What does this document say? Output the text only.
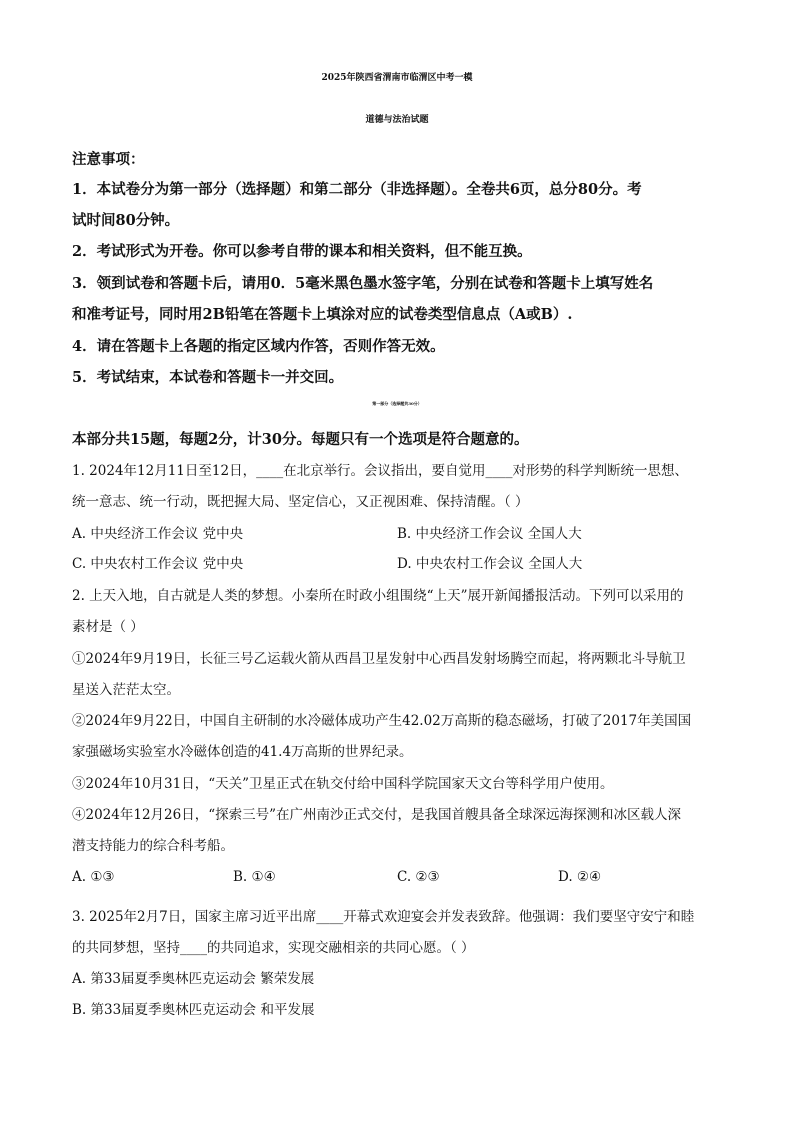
2025年陕西省渭南市临渭区中考一模
道德与法治试题
注意事项：
1．本试卷分为第一部分（选择题）和第二部分（非选择题）。全卷共6页，总分80分。考
试时间80分钟。
2．考试形式为开卷。你可以参考自带的课本和相关资料，但不能互换。
3．领到试卷和答题卡后，请用0．5毫米黑色墨水签字笔，分别在试卷和答题卡上填写姓名
和准考证号，同时用2B铅笔在答题卡上填涂对应的试卷类型信息点（A或B）.
4．请在答题卡上各题的指定区域内作答，否则作答无效。
5．考试结束，本试卷和答题卡一并交回。
第一部分（选择题共30分）
本部分共15题，每题2分，计30分。每题只有一个选项是符合题意的。
1. 2024年12月11日至12日，____在北京举行。会议指出，要自觉用____对形势的科学判断统一思想、
统一意志、统一行动，既把握大局、坚定信心，又正视困难、保持清醒。（ ）
A. 中央经济工作会议 党中央	B. 中央经济工作会议 全国人大
C. 中央农村工作会议 党中央	D. 中央农村工作会议 全国人大
2. 上天入地，自古就是人类的梦想。小秦所在时政小组围绕“上天”展开新闻播报活动。下列可以采用的
素材是（ ）
①2024年9月19日，长征三号乙运载火箭从西昌卫星发射中心西昌发射场腾空而起，将两颗北斗导航卫
星送入茫茫太空。
②2024年9月22日，中国自主研制的水冷磁体成功产生42.02万高斯的稳态磁场，打破了2017年美国国
家强磁场实验室水冷磁体创造的41.4万高斯的世界纪录。
③2024年10月31日，“天关”卫星正式在轨交付给中国科学院国家天文台等科学用户使用。
④2024年12月26日，“探索三号”在广州南沙正式交付，是我国首艘具备全球深远海探测和冰区载人深
潜支持能力的综合科考船。
A. ①③	B. ①④	C. ②③	D. ②④
3. 2025年2月7日，国家主席习近平出席____开幕式欢迎宴会并发表致辞。他强调：我们要坚守安宁和睦
的共同梦想，坚持____的共同追求，实现交融相亲的共同心愿。（ ）
A. 第33届夏季奥林匹克运动会 繁荣发展
B. 第33届夏季奥林匹克运动会 和平发展
